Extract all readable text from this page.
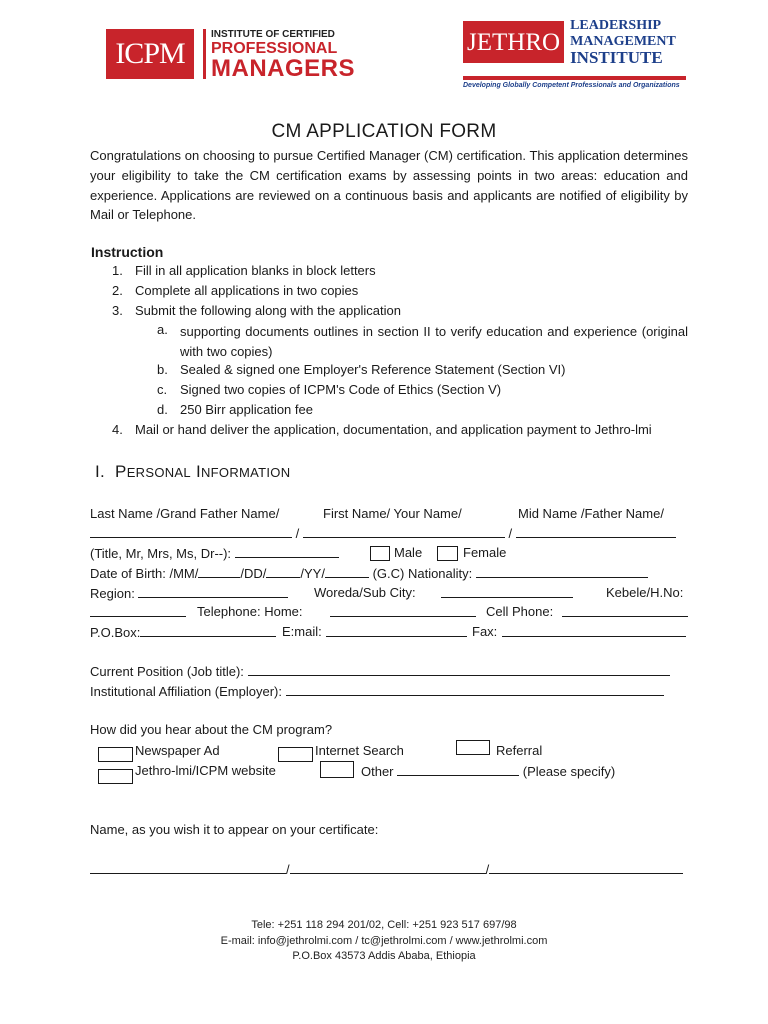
ICPM
INSTITUTE OF CERTIFIED
PROFESSIONAL
MANAGERS
JETHRO
LEADERSHIP
MANAGEMENT
INSTITUTE
Developing Globally Competent Professionals and Organizations
CM APPLICATION FORM
Congratulations on choosing to pursue Certified Manager (CM) certification. This application determines your eligibility to take the CM certification exams by assessing points in two areas: education and experience. Applications are reviewed on a continuous basis and applicants are notified of eligibility by Mail or Telephone.
Instruction
1. Fill in all application blanks in block letters
2. Complete all applications in two copies
3. Submit the following along with the application
a. supporting documents outlines in section II to verify education and experience (original with two copies)
b. Sealed & signed one Employer's Reference Statement (Section VI)
c. Signed two copies of ICPM's Code of Ethics (Section V)
d. 250 Birr application fee
4. Mail or hand deliver the application, documentation, and application payment to Jethro-lmi
I. PERSONAL INFORMATION
Last Name /Grand Father Name/	First Name/ Your Name/	Mid Name /Father Name/
/	/
(Title, Mr, Mrs, Ms, Dr--):	Male	Female
Date of Birth: /MM/	/DD/	/YY/	(G.C) Nationality:
Region:	Woreda/Sub City:	Kebele/H.No:
Telephone: Home:	Cell Phone:
P.O.Box:	E:mail:	Fax:
Current Position (Job title):
Institutional Affiliation (Employer):
How did you hear about the CM program?
Newspaper Ad	Internet Search	Referral
Jethro-lmi/ICPM website	Other	(Please specify)
Name, as you wish it to appear on your certificate:
/	/
Tele: +251 118 294 201/02, Cell: +251 923 517 697/98
E-mail: info@jethrolmi.com / tc@jethrolmi.com / www.jethrolmi.com
P.O.Box 43573 Addis Ababa, Ethiopia
